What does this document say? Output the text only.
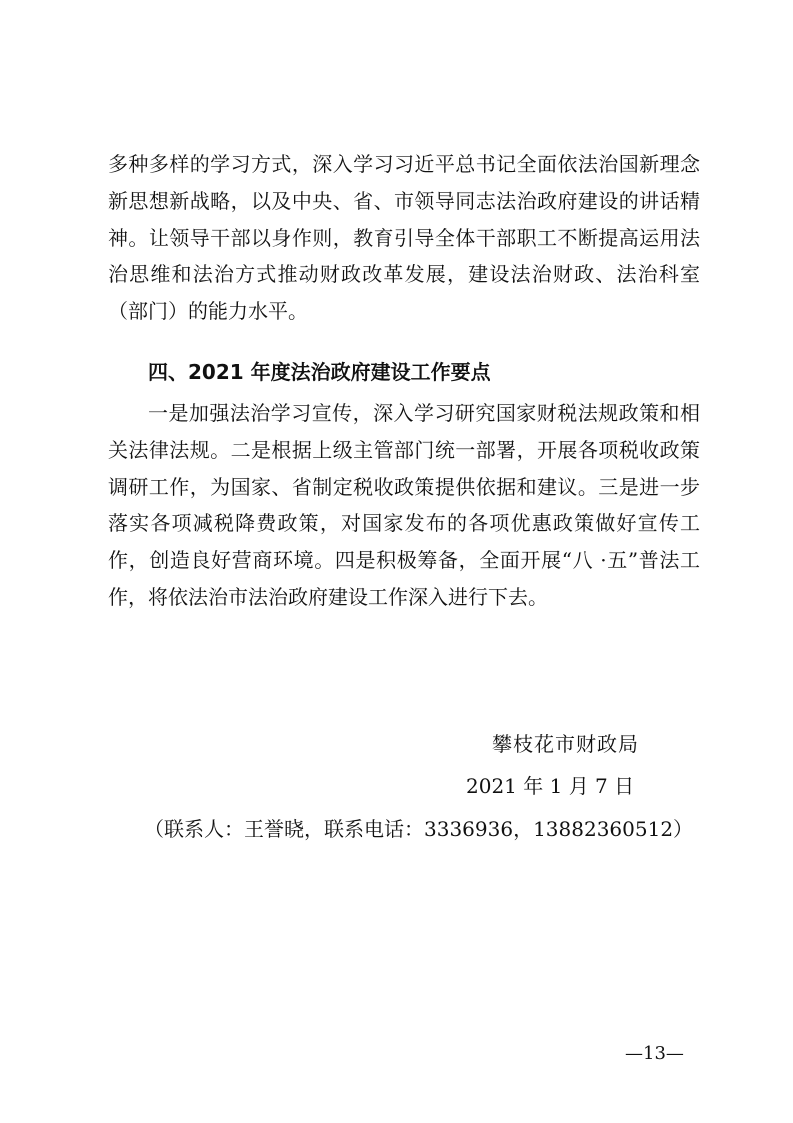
多种多样的学习方式，深入学习习近平总书记全面依法治国新理念新思想新战略，以及中央、省、市领导同志法治政府建设的讲话精神。让领导干部以身作则，教育引导全体干部职工不断提高运用法治思维和法治方式推动财政改革发展，建设法治财政、法治科室（部门）的能力水平。
四、2021 年度法治政府建设工作要点
一是加强法治学习宣传，深入学习研究国家财税法规政策和相关法律法规。二是根据上级主管部门统一部署，开展各项税收政策调研工作，为国家、省制定税收政策提供依据和建议。三是进一步落实各项减税降费政策，对国家发布的各项优惠政策做好宣传工作，创造良好营商环境。四是积极筹备，全面开展“八 ·五”普法工作，将依法治市法治政府建设工作深入进行下去。
攀枝花市财政局
2021 年 1 月 7 日
（联系人：王誉晓，联系电话：3336936，13882360512）
—13—
